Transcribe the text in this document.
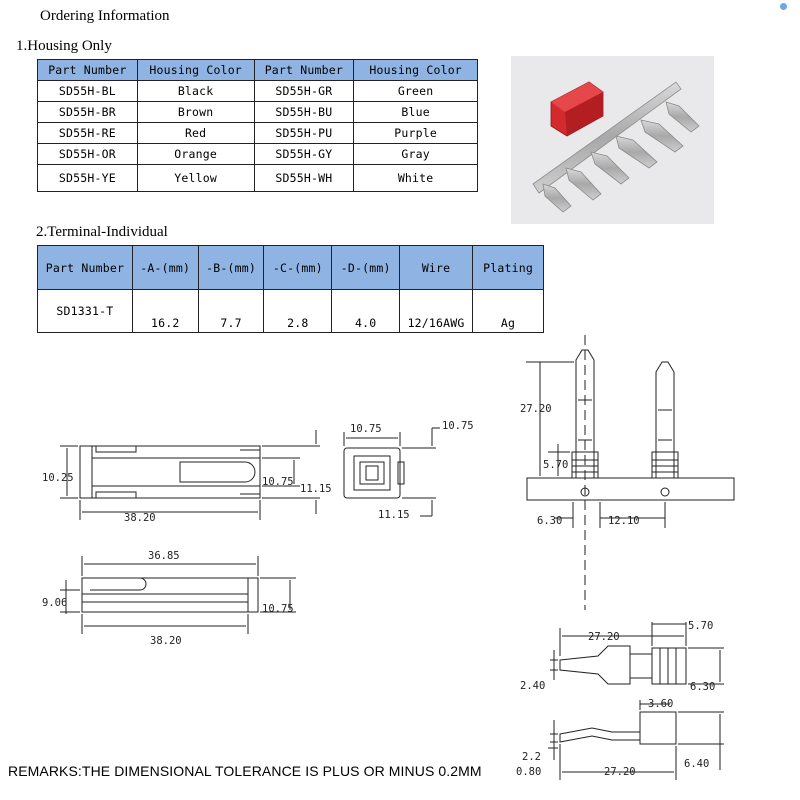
Ordering Information
1.Housing Only
Part Number	Housing Color	Part Number	Housing Color
SD55H-BL	Black	SD55H-GR	Green
SD55H-BR	Brown	SD55H-BU	Blue
SD55H-RE	Red	SD55H-PU	Purple
SD55H-OR	Orange	SD55H-GY	Gray
SD55H-YE	Yellow	SD55H-WH	White
2.Terminal-Individual
Part Number	-A-(mm)	-B-(mm)	-C-(mm)	-D-(mm)	Wire	Plating
SD1331-T	16.2	7.7	2.8	4.0	12/16AWG	Ag
38.20
10.25	10.75
11.15
10.75	10.75
11.15
36.85
9.06	10.75
38.20
27.20
5.70
6.30	12.10
27.20
5.70
2.40	6.30
3.60
2.2
0.80	27.20
6.40
REMARKS:THE DIMENSIONAL TOLERANCE IS PLUS OR MINUS 0.2MM
